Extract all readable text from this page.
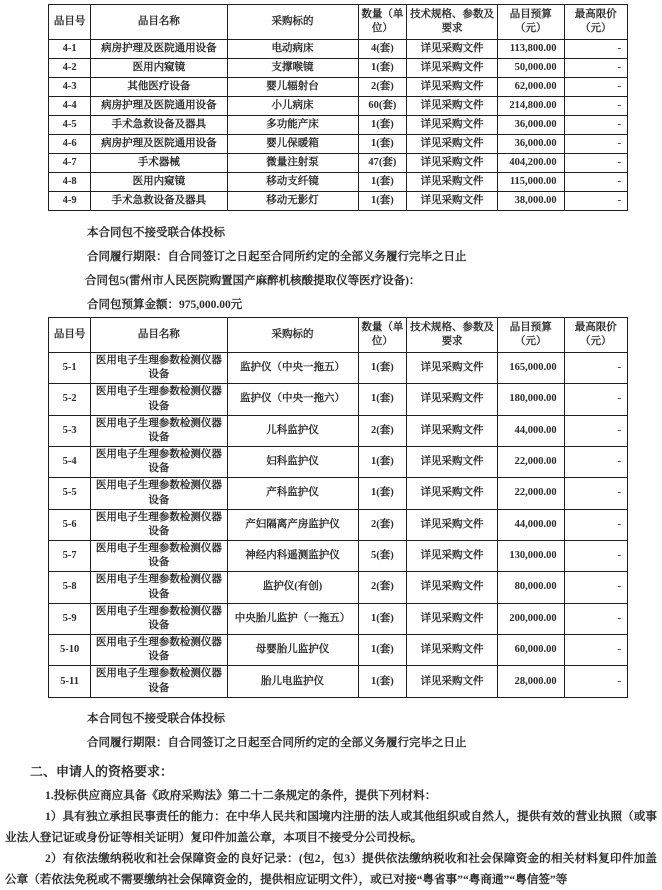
品目号	品目名称	采购标的	数量（单位）	技术规格、参数及要求	品目预算（元）	最高限价（元）
4-1	病房护理及医院通用设备	电动病床	4(套)	详见采购文件	113,800.00	-
4-2	医用内窥镜	支撑喉镜	1(套)	详见采购文件	50,000.00	-
4-3	其他医疗设备	婴儿辐射台	2(套)	详见采购文件	62,000.00	-
4-4	病房护理及医院通用设备	小儿病床	60(套)	详见采购文件	214,800.00	-
4-5	手术急救设备及器具	多功能产床	1(套)	详见采购文件	36,000.00	-
4-6	病房护理及医院通用设备	婴儿保暖箱	1(套)	详见采购文件	36,000.00	-
4-7	手术器械	微量注射泵	47(套)	详见采购文件	404,200.00	-
4-8	医用内窥镜	移动支纤镜	1(套)	详见采购文件	115,000.00	-
4-9	手术急救设备及器具	移动无影灯	1(套)	详见采购文件	38,000.00	-
本合同包不接受联合体投标
合同履行期限：自合同签订之日起至合同所约定的全部义务履行完毕之日止
合同包5(雷州市人民医院购置国产麻醉机核酸提取仪等医疗设备)：
合同包预算金额：975,000.00元
品目号	品目名称	采购标的	数量（单位）	技术规格、参数及要求	品目预算（元）	最高限价（元）
5-1	医用电子生理参数检测仪器设备	监护仪（中央一拖五）	1(套)	详见采购文件	165,000.00	-
5-2	医用电子生理参数检测仪器设备	监护仪（中央一拖六）	1(套)	详见采购文件	180,000.00	-
5-3	医用电子生理参数检测仪器设备	儿科监护仪	2(套)	详见采购文件	44,000.00	-
5-4	医用电子生理参数检测仪器设备	妇科监护仪	1(套)	详见采购文件	22,000.00	-
5-5	医用电子生理参数检测仪器设备	产科监护仪	1(套)	详见采购文件	22,000.00	-
5-6	医用电子生理参数检测仪器设备	产妇隔离产房监护仪	2(套)	详见采购文件	44,000.00	-
5-7	医用电子生理参数检测仪器设备	神经内科遥测监护仪	5(套)	详见采购文件	130,000.00	-
5-8	医用电子生理参数检测仪器设备	监护仪(有创)	2(套)	详见采购文件	80,000.00	-
5-9	医用电子生理参数检测仪器设备	中央胎儿监护（一拖五）	1(套)	详见采购文件	200,000.00	-
5-10	医用电子生理参数检测仪器设备	母婴胎儿监护仪	1(套)	详见采购文件	60,000.00	-
5-11	医用电子生理参数检测仪器设备	胎儿电监护仪	1(套)	详见采购文件	28,000.00	-
本合同包不接受联合体投标
合同履行期限：自合同签订之日起至合同所约定的全部义务履行完毕之日止
二、申请人的资格要求：

1.投标供应商应具备《政府采购法》第二十二条规定的条件，提供下列材料：

1）具有独立承担民事责任的能力：在中华人民共和国境内注册的法人或其他组织或自然人，提供有效的营业执照（或事业法人登记证或身份证等相关证明）复印件加盖公章，本项目不接受分公司投标。

2）有依法缴纳税收和社会保障资金的良好记录：(包2，包3）提供依法缴纳税收和社会保障资金的相关材料复印件加盖公章（若依法免税或不需要缴纳社会保障资金的，提供相应证明文件），或已对接“粤省事”“粤商通”“粤信签”等
